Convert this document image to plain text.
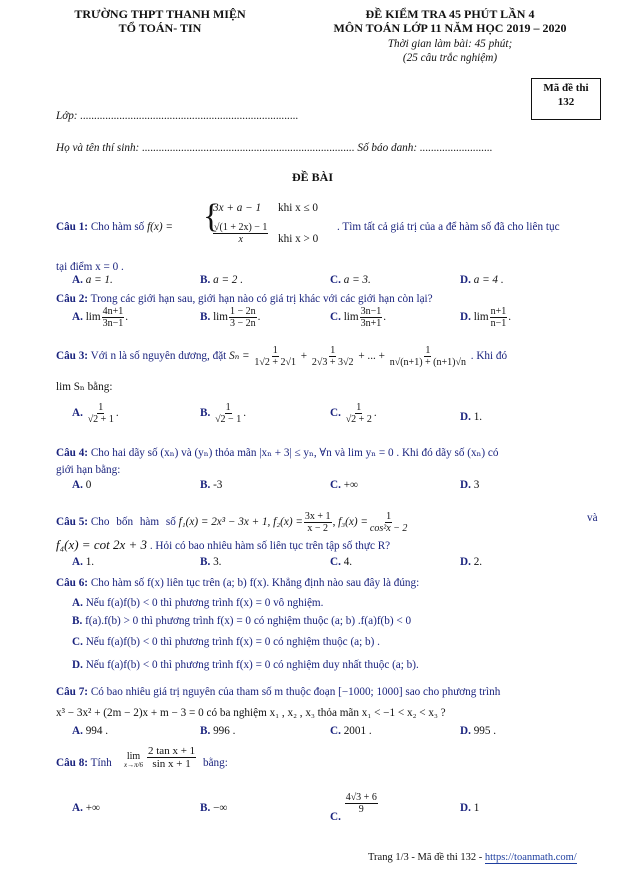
TRƯỜNG THPT THANH MIỆN
TỔ TOÁN- TIN
ĐỀ KIỂM TRA 45 PHÚT LẦN 4
MÔN TOÁN LỚP 11 NĂM HỌC 2019 – 2020
Thời gian làm bài: 45 phút;
(25 câu trắc nghiệm)
Mã đề thi
132
Lớp: ..............................................................................
Họ và tên thí sinh: ............................................................................ Số báo danh: ..........................
ĐỀ BÀI
Câu 1: Cho hàm số f(x) = {
3x + a − 1 khi x ≤ 0
$\frac{√(1 + 2x) - 1}{x}$ khi x > 0
. Tìm tất cả giá trị của a để hàm số đã cho liên tục
tại điểm x = 0 .
A. a = 1.	B. a = 2 .	C. a = 3.	D. a = 4 .
Câu 2: Trong các giới hạn sau, giới hạn nào có giá trị khác với các giới hạn còn lại?
A. $\lim \frac{4n+1}{3n-1}$ .	B. $\lim \frac{1 - 2n}{3 - 2n}$ .	C. $\lim \frac{3n-1}{3n+1}$ .	D. $\lim \frac{n+1}{n-1}$ .
Câu 3: Với n là số nguyên dương, đặt $S_n = \frac{1}{1√2 + 2√1} + \frac{1}{2√3 + 3√2}$ + ... + $\frac{1}{n√(n+1) + (n+1)√n}$ . Khi đó
lim Sₙ bằng:
A. $\frac{1}{√2 + 1}$ .	B. $\frac{1}{√2 - 1}$ .	C. $\frac{1}{√2 + 2}$ .	D. 1.
Câu 4: Cho hai dãy số (xₙ) và (yₙ) thỏa mãn |xₙ + 3| ≤ yₙ, ∀n và lim yₙ = 0 . Khi đó dãy số (xₙ) có
giới hạn bằng:
A. 0	B. -3	C. +∞	D. 3
Câu 5: Cho bốn hàm số f₁(x) = 2x³ − 3x + 1, $f_2(x) = \frac{3x + 1}{x - 2}$ , $f_3(x) = \frac{1}{\text{cos²x − 2}}$	và
f₄(x) = cot 2x + 3 . Hỏi có bao nhiêu hàm số liên tục trên tập số thực R?
A. 1.	B. 3.	C. 4.	D. 2.
Câu 6: Cho hàm số f(x) liên tục trên (a; b) f(x). Khẳng định nào sau đây là đúng:
A. Nếu f(a)f(b) < 0 thì phương trình f(x) = 0 vô nghiệm.
B. f(a).f(b) > 0 thì phương trình f(x) = 0 có nghiệm thuộc (a; b) .f(a)f(b) < 0
C. Nếu f(a)f(b) < 0 thì phương trình f(x) = 0 có nghiệm thuộc (a; b) .
D. Nếu f(a)f(b) < 0 thì phương trình f(x) = 0 có nghiệm duy nhất thuộc (a; b).
Câu 7: Có bao nhiêu giá trị nguyên của tham số m thuộc đoạn [−1000; 1000] sao cho phương trình
x³ − 3x² + (2m − 2)x + m − 3 = 0 có ba nghiệm x₁ , x₂ , x₃ thỏa mãn x₁ < −1 < x₂ < x₃ ?
A. 994 .	B. 996 .	C. 2001 .	D. 995 .
Câu 8: Tính
lim
$x\to\pi/6 \frac{\text{2 tan x + 1}}{\text{sin x + 1}}$ bằng:
A. +∞	B. −∞
C.
$\frac{4√3 + 6}{9}$	D. 1
Trang 1/3 - Mã đề thi 132 - https://toanmath.com/
